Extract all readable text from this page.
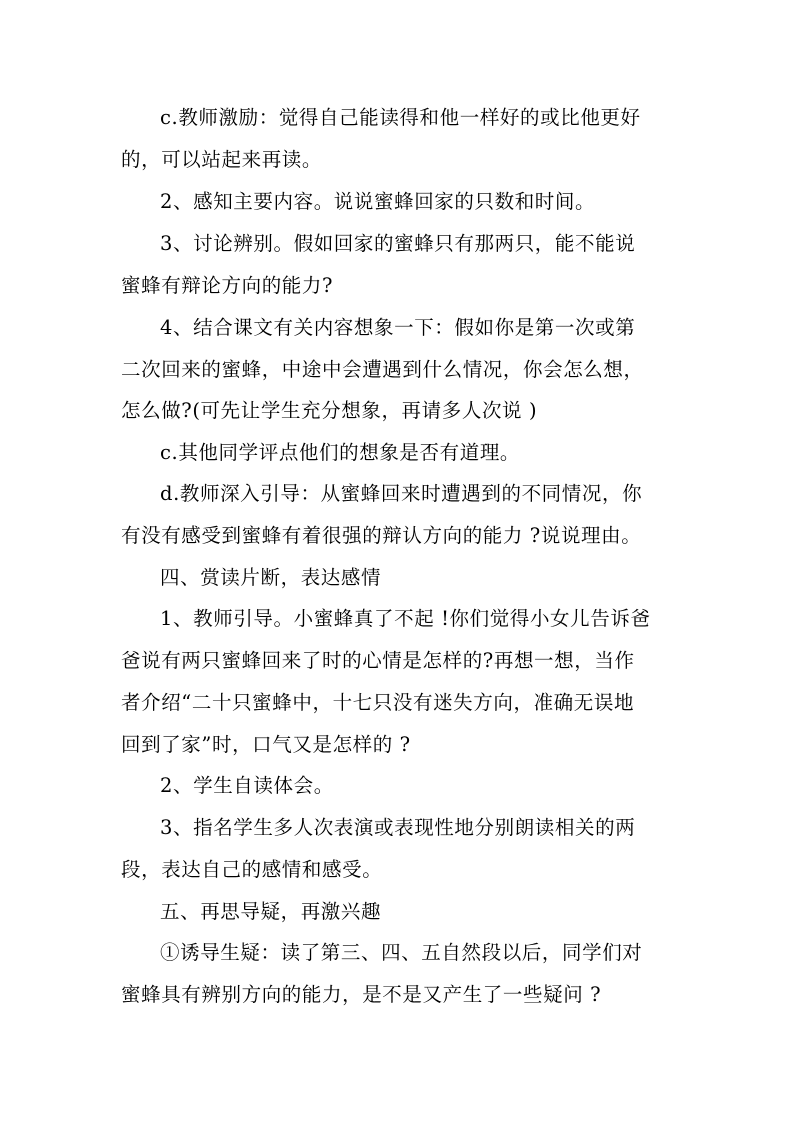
c.教师激励：觉得自己能读得和他一样好的或比他更好
的，可以站起来再读。
2、感知主要内容。说说蜜蜂回家的只数和时间。
3、讨论辨别。假如回家的蜜蜂只有那两只，能不能说
蜜蜂有辩论方向的能力?
4、结合课文有关内容想象一下：假如你是第一次或第
二次回来的蜜蜂，中途中会遭遇到什么情况，你会怎么想，
怎么做?(可先让学生充分想象，再请多人次说 )
c.其他同学评点他们的想象是否有道理。
d.教师深入引导：从蜜蜂回来时遭遇到的不同情况，你
有没有感受到蜜蜂有着很强的辩认方向的能力 ?说说理由。
四、赏读片断，表达感情
1、教师引导。小蜜蜂真了不起 !你们觉得小女儿告诉爸
爸说有两只蜜蜂回来了时的心情是怎样的?再想一想，当作
者介绍“二十只蜜蜂中，十七只没有迷失方向，准确无误地
回到了家”时，口气又是怎样的 ?
2、学生自读体会。
3、指名学生多人次表演或表现性地分别朗读相关的两
段，表达自己的感情和感受。
五、再思导疑，再激兴趣
①诱导生疑：读了第三、四、五自然段以后，同学们对
蜜蜂具有辨别方向的能力，是不是又产生了一些疑问 ?
